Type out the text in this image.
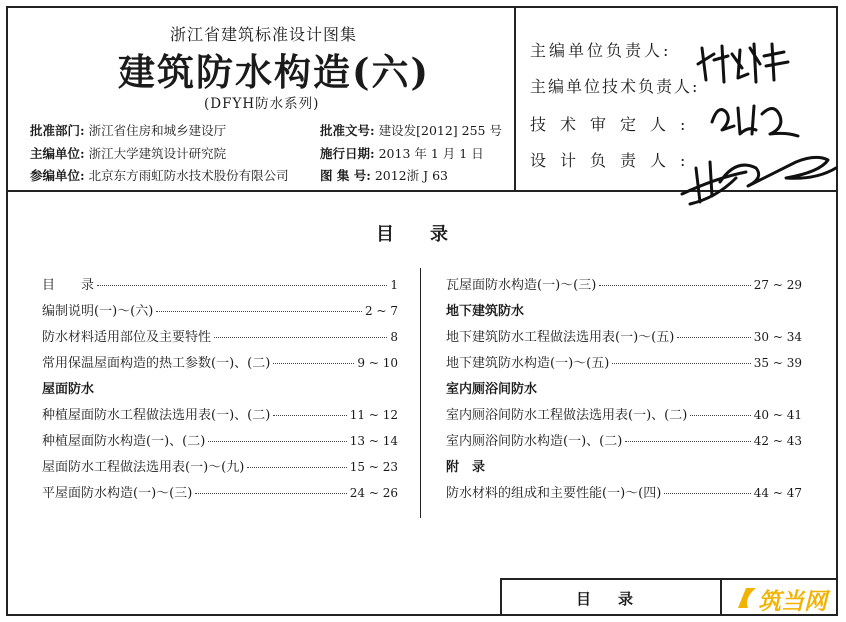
浙江省建筑标准设计图集
建筑防水构造(六)
(DFYH防水系列)
批准部门: 浙江省住房和城乡建设厅	批准文号: 建设发[2012] 255 号
主编单位: 浙江大学建筑设计研究院	施行日期: 2013 年 1 月 1 日
参编单位: 北京东方雨虹防水技术股份有限公司	图 集 号: 2012浙 J 63
主编单位负责人:
主编单位技术负责人:
技术审定人:
设计负责人:
目　　录
目　　录	1
编制说明(一)～(六)	2 ~ 7
防水材料适用部位及主要特性	8
常用保温屋面构造的热工参数(一)、(二)	9 ~ 10
屋面防水
种植屋面防水工程做法选用表(一)、(二)	11 ~ 12
种植屋面防水构造(一)、(二)	13 ~ 14
屋面防水工程做法选用表(一)～(九)	15 ~ 23
平屋面防水构造(一)～(三)	24 ~ 26
瓦屋面防水构造(一)～(三)	27 ~ 29
地下建筑防水
地下建筑防水工程做法选用表(一)～(五)	30 ~ 34
地下建筑防水构造(一)～(五)	35 ~ 39
室内厕浴间防水
室内厕浴间防水工程做法选用表(一)、(二)	40 ~ 41
室内厕浴间防水构造(一)、(二)	42 ~ 43
附　录
防水材料的组成和主要性能(一)～(四)	44 ~ 47
目　录	筑当网
